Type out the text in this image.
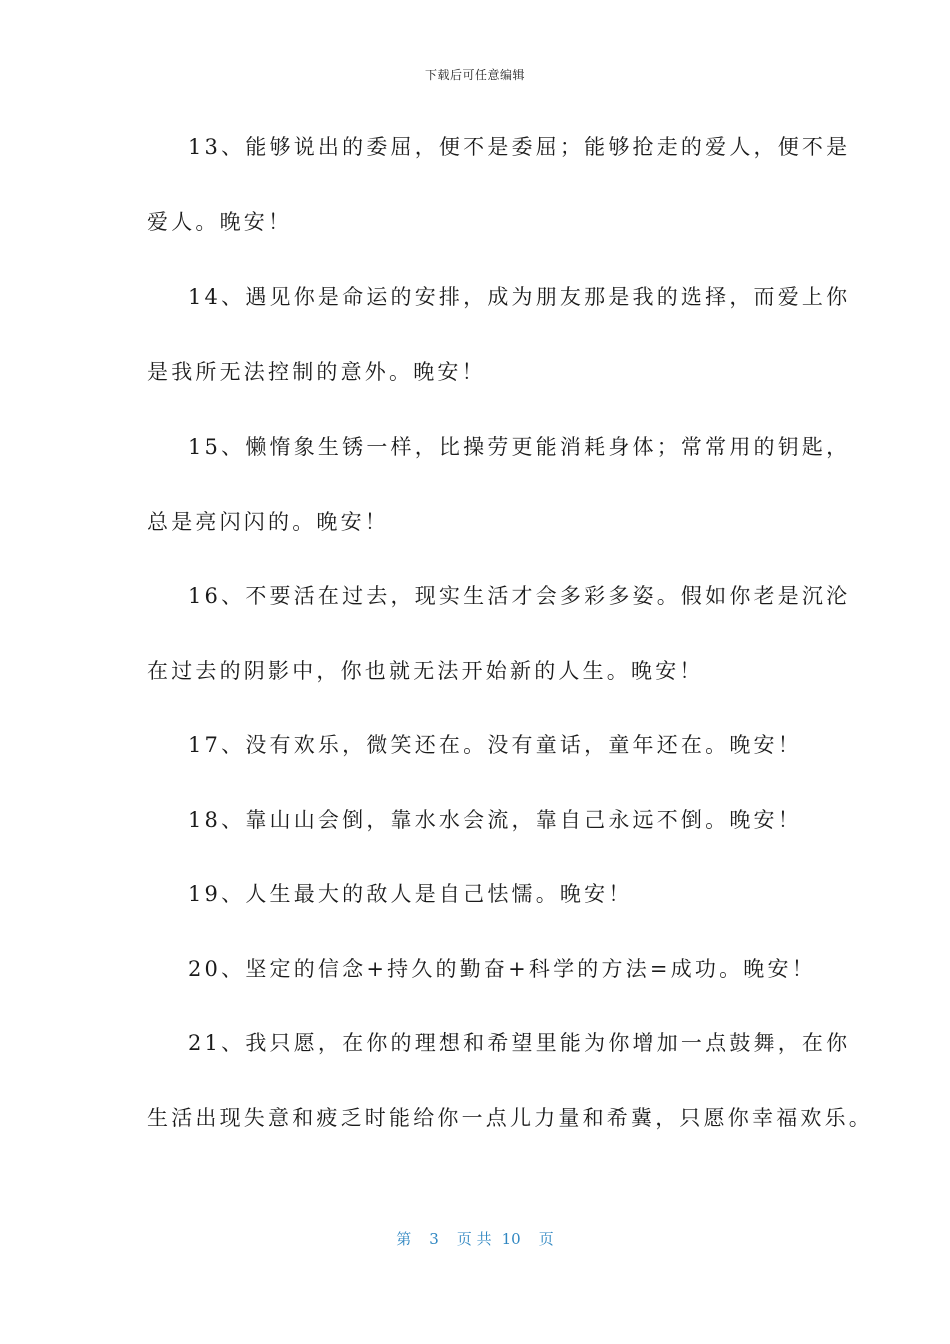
下载后可任意编辑
13、能够说出的委屈，便不是委屈；能够抢走的爱人，便不是
爱人。晚安！
14、遇见你是命运的安排，成为朋友那是我的选择，而爱上你
是我所无法控制的意外。晚安！
15、懒惰象生锈一样，比操劳更能消耗身体；常常用的钥匙，
总是亮闪闪的。晚安！
16、不要活在过去，现实生活才会多彩多姿。假如你老是沉沦
在过去的阴影中，你也就无法开始新的人生。晚安！
17、没有欢乐，微笑还在。没有童话，童年还在。晚安！
18、靠山山会倒，靠水水会流，靠自己永远不倒。晚安！
19、人生最大的敌人是自己怯懦。晚安！
20、坚定的信念+持久的勤奋+科学的方法=成功。晚安！
21、我只愿，在你的理想和希望里能为你增加一点鼓舞，在你
生活出现失意和疲乏时能给你一点儿力量和希冀，只愿你幸福欢乐。
第 3 页 共 10 页
